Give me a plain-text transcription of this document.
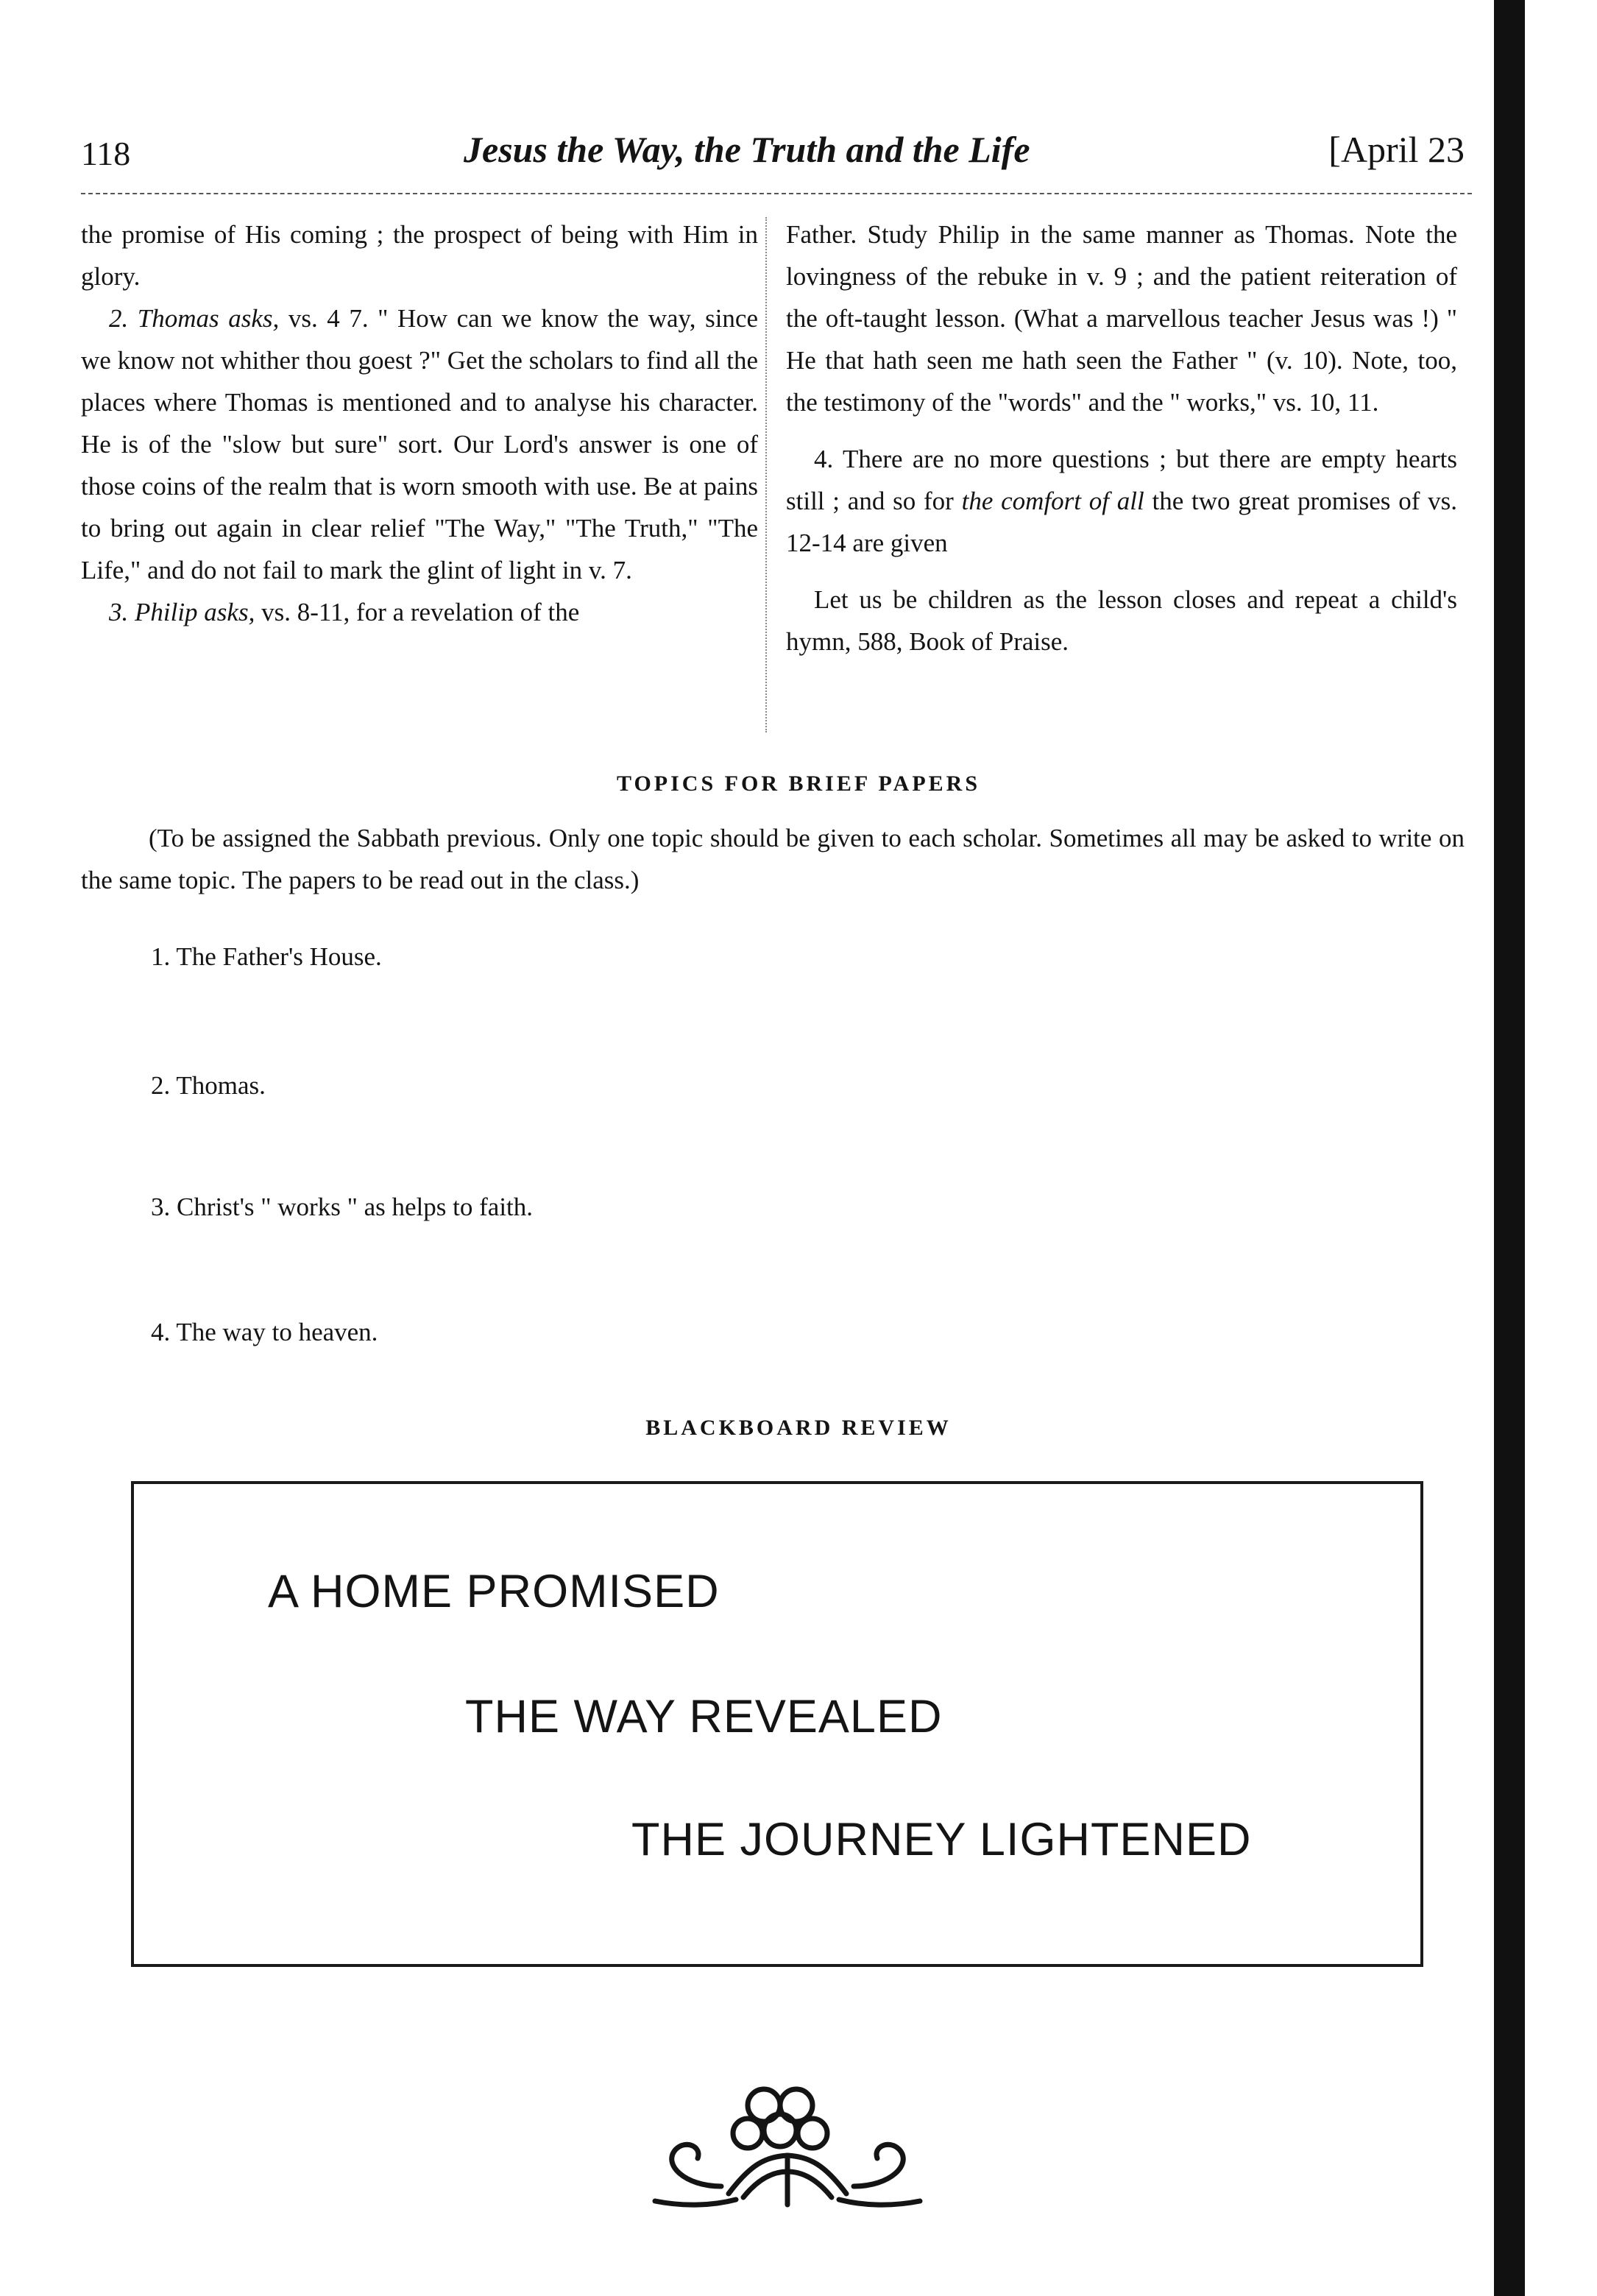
118	Jesus the Way, the Truth and the Life	[April 23

the promise of His coming ; the prospect of being with Him in glory.

2. Thomas asks, vs. 4 7. " How can we know the way, since we know not whither thou goest ?" Get the scholars to find all the places where Thomas is mentioned and to analyse his character. He is of the "slow but sure" sort. Our Lord's answer is one of those coins of the realm that is worn smooth with use. Be at pains to bring out again in clear relief "The Way," "The Truth," "The Life," and do not fail to mark the glint of light in v. 7.

3. Philip asks, vs. 8-11, for a revelation of the

Father. Study Philip in the same manner as Thomas. Note the lovingness of the rebuke in v. 9 ; and the patient reiteration of the oft-taught lesson. (What a marvellous teacher Jesus was !) " He that hath seen me hath seen the Father " (v. 10). Note, too, the testimony of the "words" and the " works," vs. 10, 11.

4. There are no more questions ; but there are empty hearts still ; and so for the comfort of all the two great promises of vs. 12-14 are given

Let us be children as the lesson closes and repeat a child's hymn, 588, Book of Praise.

TOPICS FOR BRIEF PAPERS

(To be assigned the Sabbath previous. Only one topic should be given to each scholar. Sometimes all may be asked to write on the same topic. The papers to be read out in the class.)

1. The Father's House.
2. Thomas.
3. Christ's " works " as helps to faith.
4. The way to heaven.
BLACKBOARD REVIEW
A HOME PROMISED
THE WAY REVEALED
THE JOURNEY LIGHTENED
